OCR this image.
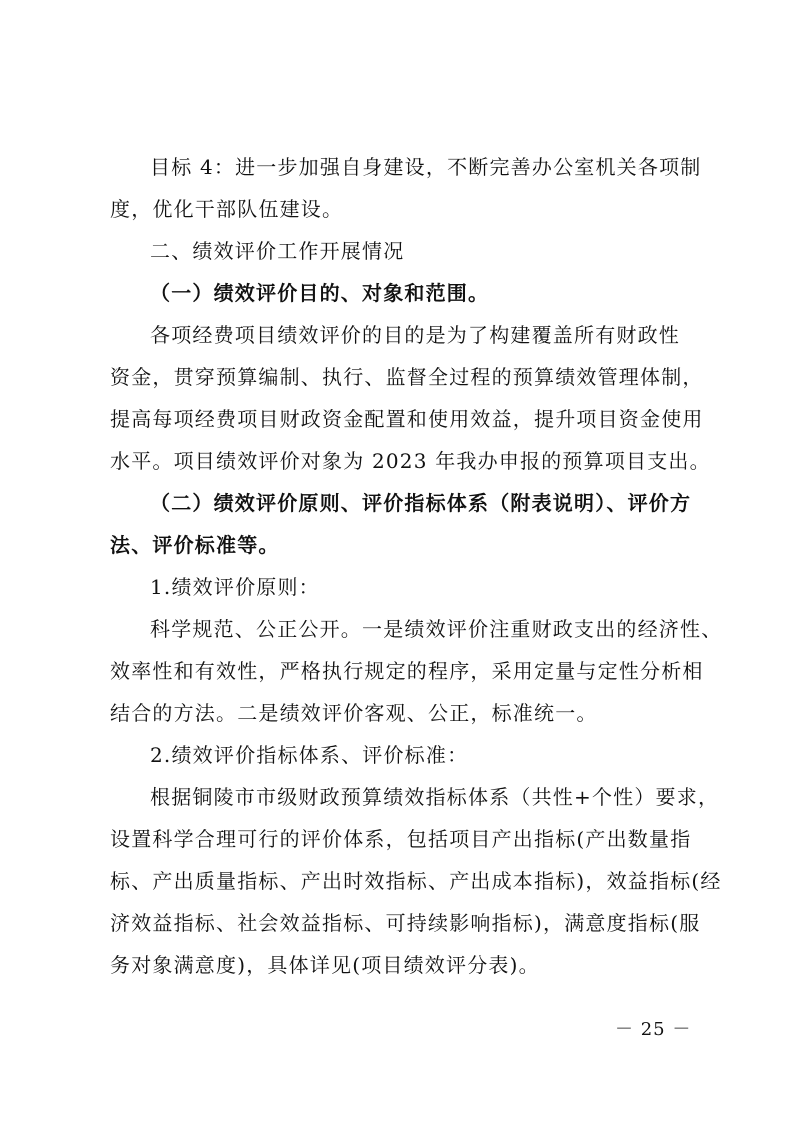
目标 4：进一步加强自身建设，不断完善办公室机关各项制
度，优化干部队伍建设。
二、绩效评价工作开展情况
（一）绩效评价目的、对象和范围。
各项经费项目绩效评价的目的是为了构建覆盖所有财政性
资金，贯穿预算编制、执行、监督全过程的预算绩效管理体制，
提高每项经费项目财政资金配置和使用效益，提升项目资金使用
水平。项目绩效评价对象为 2023 年我办申报的预算项目支出。
（二）绩效评价原则、评价指标体系（附表说明）、评价方
法、评价标准等。
1.绩效评价原则：
科学规范、公正公开。一是绩效评价注重财政支出的经济性、
效率性和有效性，严格执行规定的程序，采用定量与定性分析相
结合的方法。二是绩效评价客观、公正，标准统一。
2.绩效评价指标体系、评价标准：
根据铜陵市市级财政预算绩效指标体系（共性+个性）要求，
设置科学合理可行的评价体系，包括项目产出指标(产出数量指
标、产出质量指标、产出时效指标、产出成本指标)，效益指标(经
济效益指标、社会效益指标、可持续影响指标)，满意度指标(服
务对象满意度)，具体详见(项目绩效评分表)。
－ 25 －
